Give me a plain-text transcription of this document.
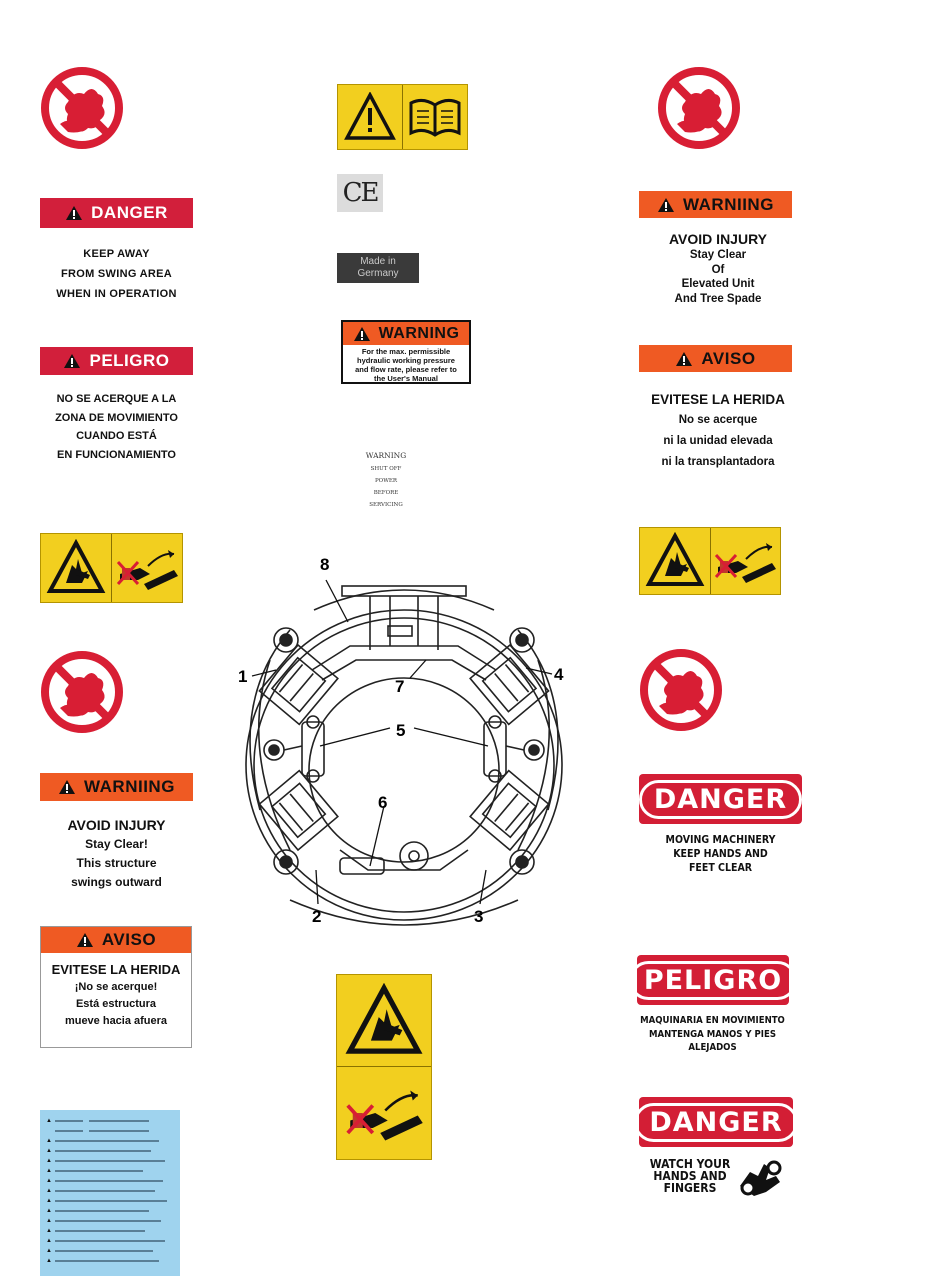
DANGER
KEEP AWAY
FROM SWING AREA
WHEN IN OPERATION
PELIGRO
NO SE ACERQUE A LA
ZONA DE MOVIMIENTO
CUANDO ESTÁ
EN FUNCIONAMIENTO
WARNIING
AVOID INJURY
Stay Clear!
This structure
swings outward
AVISO
EVITESE LA HERIDA
¡No se acerque!
Está estructura
mueve hacia afuera
▲
▲
▲
▲
▲
▲
▲
▲
▲
▲
▲
▲
▲
▲
CE
Made in
Germany
WARNING
For the max. permissible
hydraulic working pressure
and flow rate, please refer to
the User's Manual
WARNING
SHUT OFF
POWER
BEFORE
SERVICING
8
1
7
4
5
6
2	3
WARNIING
AVOID INJURY
Stay Clear
Of
Elevated Unit
And Tree Spade
AVISO
EVITESE LA HERIDA
No se acerque
ni la unidad elevada
ni la transplantadora
DANGER
MOVING MACHINERY
KEEP HANDS AND
FEET CLEAR
PELIGRO
MAQUINARIA EN MOVIMIENTO
MANTENGA MANOS Y PIES
ALEJADOS
DANGER
WATCH YOUR
HANDS AND
FINGERS
